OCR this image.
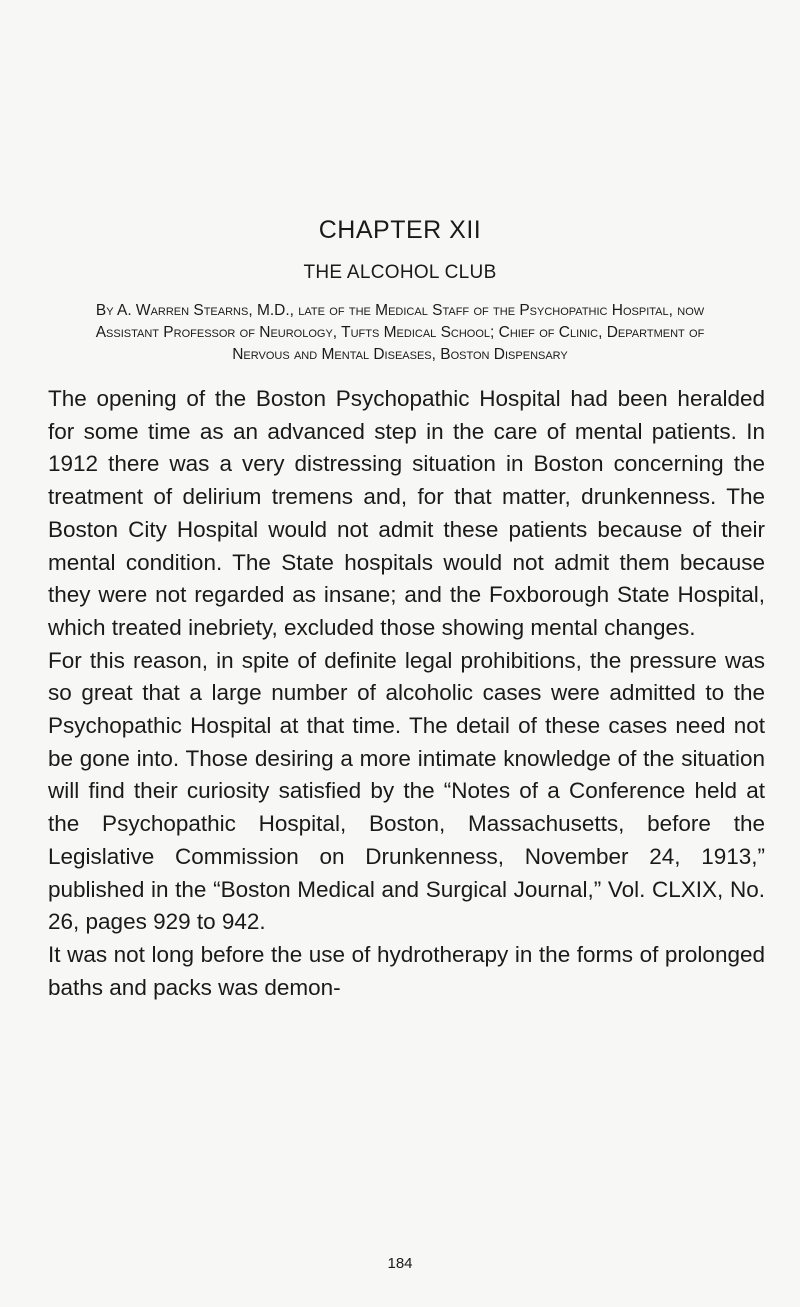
CHAPTER XII
THE ALCOHOL CLUB

By A. Warren Stearns, M.D., late of the Medical Staff of the Psychopathic Hospital, now Assistant Professor of Neurology, Tufts Medical School; Chief of Clinic, Department of Nervous and Mental Diseases, Boston Dispensary

The opening of the Boston Psychopathic Hospital had been heralded for some time as an advanced step in the care of mental patients. In 1912 there was a very distressing situation in Boston concerning the treatment of delirium tremens and, for that matter, drunkenness. The Boston City Hospital would not admit these patients because of their mental condition. The State hospitals would not admit them because they were not regarded as insane; and the Foxborough State Hospital, which treated inebriety, excluded those showing mental changes.

For this reason, in spite of definite legal prohibitions, the pressure was so great that a large number of alcoholic cases were admitted to the Psychopathic Hospital at that time. The detail of these cases need not be gone into. Those desiring a more intimate knowledge of the situation will find their curiosity satisfied by the “Notes of a Conference held at the Psychopathic Hospital, Boston, Massachusetts, before the Legislative Commission on Drunkenness, November 24, 1913,” published in the “Boston Medical and Surgical Journal,” Vol. CLXIX, No. 26, pages 929 to 942.

It was not long before the use of hydrotherapy in the forms of prolonged baths and packs was demon-

184
